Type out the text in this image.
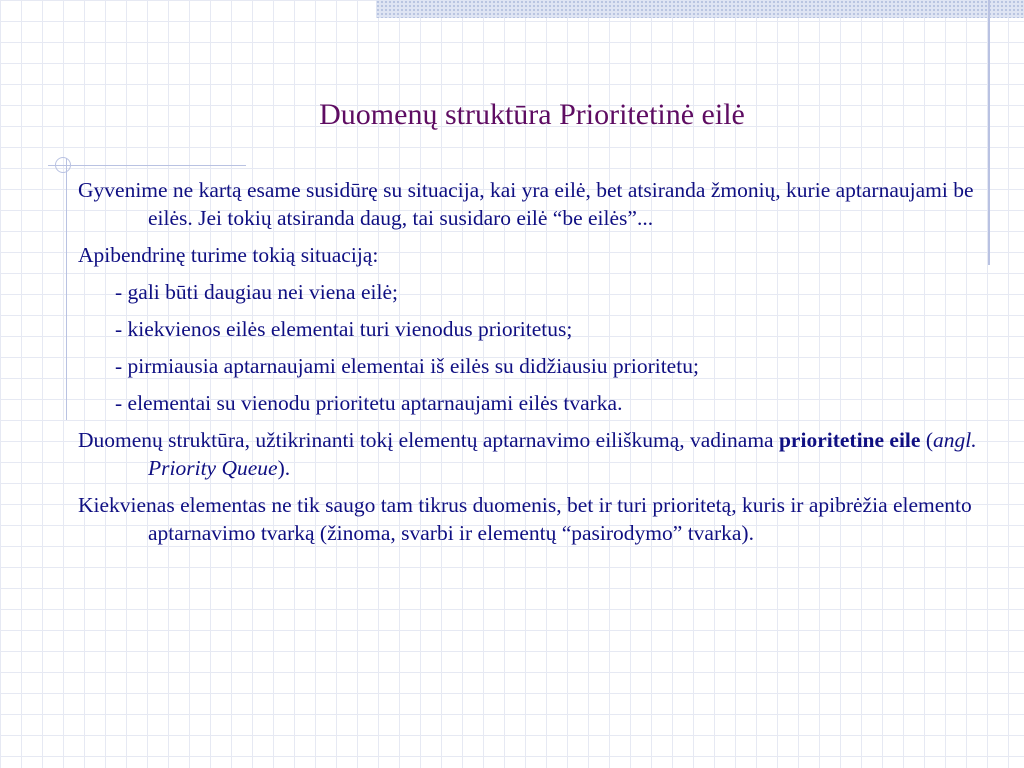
Duomenų struktūra Prioritetinė eilė

Gyvenime ne kartą esame susidūrę su situacija, kai yra eilė, bet atsiranda žmonių, kurie aptarnaujami be eilės. Jei tokių atsiranda daug, tai susidaro eilė “be eilės”...

Apibendrinę turime tokią situaciją:

- gali būti daugiau nei viena eilė;

- kiekvienos eilės elementai turi vienodus prioritetus;

- pirmiausia aptarnaujami elementai iš eilės su didžiausiu prioritetu;

- elementai su vienodu prioritetu aptarnaujami eilės tvarka.

Duomenų struktūra, užtikrinanti tokį elementų aptarnavimo eiliškumą, vadinama prioritetine eile (angl. Priority Queue).

Kiekvienas elementas ne tik saugo tam tikrus duomenis, bet ir turi prioritetą, kuris ir apibrėžia elemento aptarnavimo tvarką (žinoma, svarbi ir elementų “pasirodymo” tvarka).
